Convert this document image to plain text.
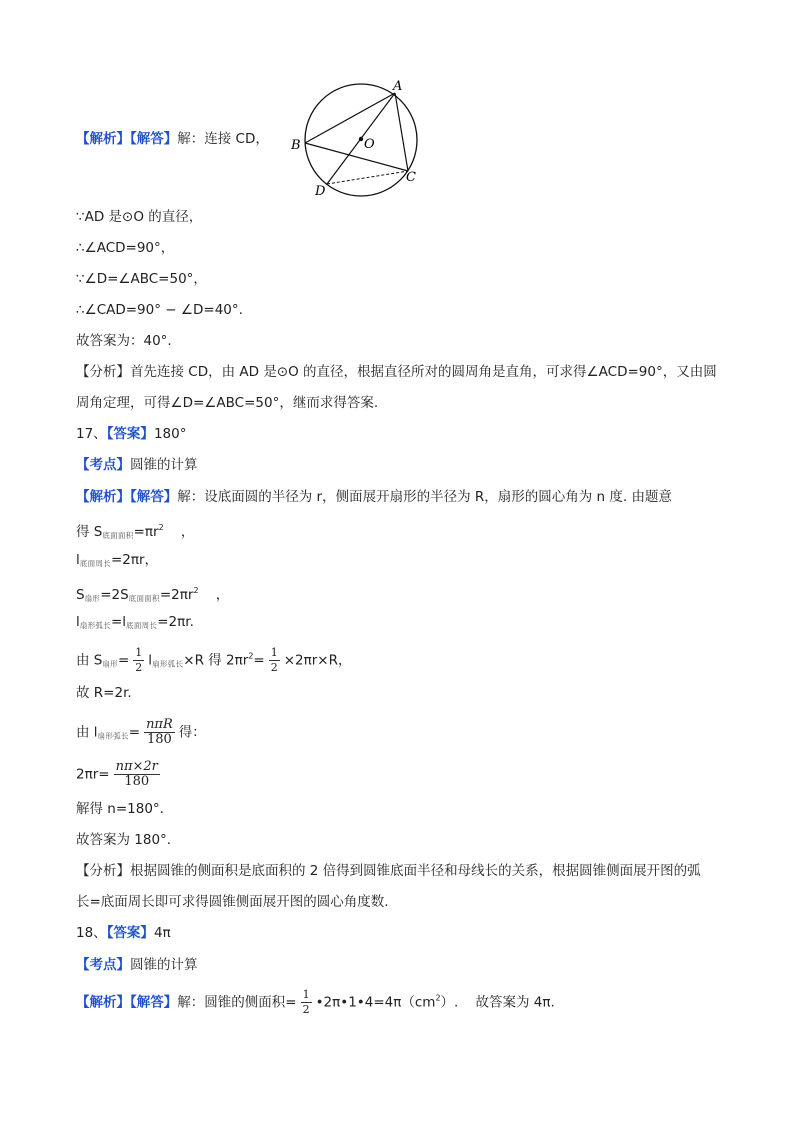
【解析】【解答】解：连接 CD，
A
B
C
D
O
∵AD 是⊙O 的直径，
∴∠ACD=90°，
∵∠D=∠ABC=50°，
∴∠CAD=90° − ∠D=40°.
故答案为：40°.
【分析】首先连接 CD，由 AD 是⊙O 的直径，根据直径所对的圆周角是直角，可求得∠ACD=90°，又由圆
周角定理，可得∠D=∠ABC=50°，继而求得答案.
17、【答案】180°
【考点】圆锥的计算
【解析】【解答】解：设底面圆的半径为 r，侧面展开扇形的半径为 R，扇形的圆心角为 n 度. 由题意
得 $S_{底面面积}=\pi r^2$    ，
$l_{底面周长}=2\pi r$，
$S_{扇形}=2S_{底面面积}=2\pi r^2$    ，
$l_{扇形弧长}=l_{底面周长}=2\pi r$.
由 $S_{扇形}= \frac{1}{2} l_{扇形弧长}\times R$ 得 $2\pi r^2= \frac{1}{2} \times 2\pi r\times R$，
故 R=2r.
由 $l_{扇形弧长}= \frac{\text{nπR}}{180}$ 得：
$2\pi r= \frac{n\pi\times 2r}{180}$
解得 n=180°.
故答案为 180°.
【分析】根据圆锥的侧面积是底面积的 2 倍得到圆锥底面半径和母线长的关系，根据圆锥侧面展开图的弧
长=底面周长即可求得圆锥侧面展开图的圆心角度数.
18、【答案】4π
【考点】圆锥的计算
【解析】【解答】解：圆锥的侧面积= $\frac{1}{2}$ $•2\pi•1•4=4\pi(cm^2)$.    故答案为 4π.
